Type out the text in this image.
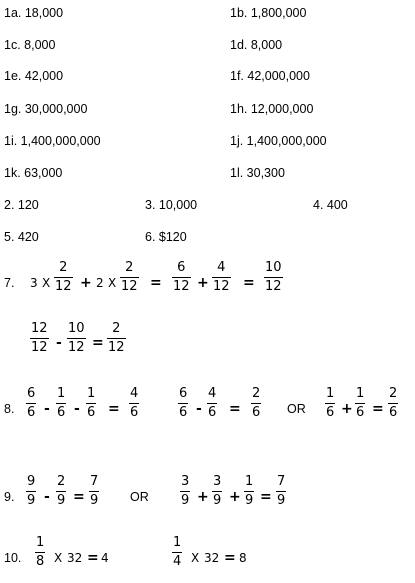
1a. 18,000	1b. 1,800,000
1c. 8,000	1d. 8,000
1e. 42,000	1f. 42,000,000
1g. 30,000,000	1h. 12,000,000
1i. 1,400,000,000	1j. 1,400,000,000
1k. 63,000	1l. 30,300
2. 120	3. 10,000	4. 400
5. 420	6. $120
7. 3 X
2
12 + 2 X
2
12 =
6
12 +
4
12 =
10
12
12
12 -
10
12 =
2
12
8.
6
6 -
1
6 -
1
6 =
4
6
6
6 -
4
6 =
2
6 OR
1
6 +
1
6 =
2
6
9.
9
9 -
2
9 =
7
9	OR
3
9 +
3
9 +
1
9 =
7
9
10.
1
8 X 32 = 4
1
4 X 32 = 8
